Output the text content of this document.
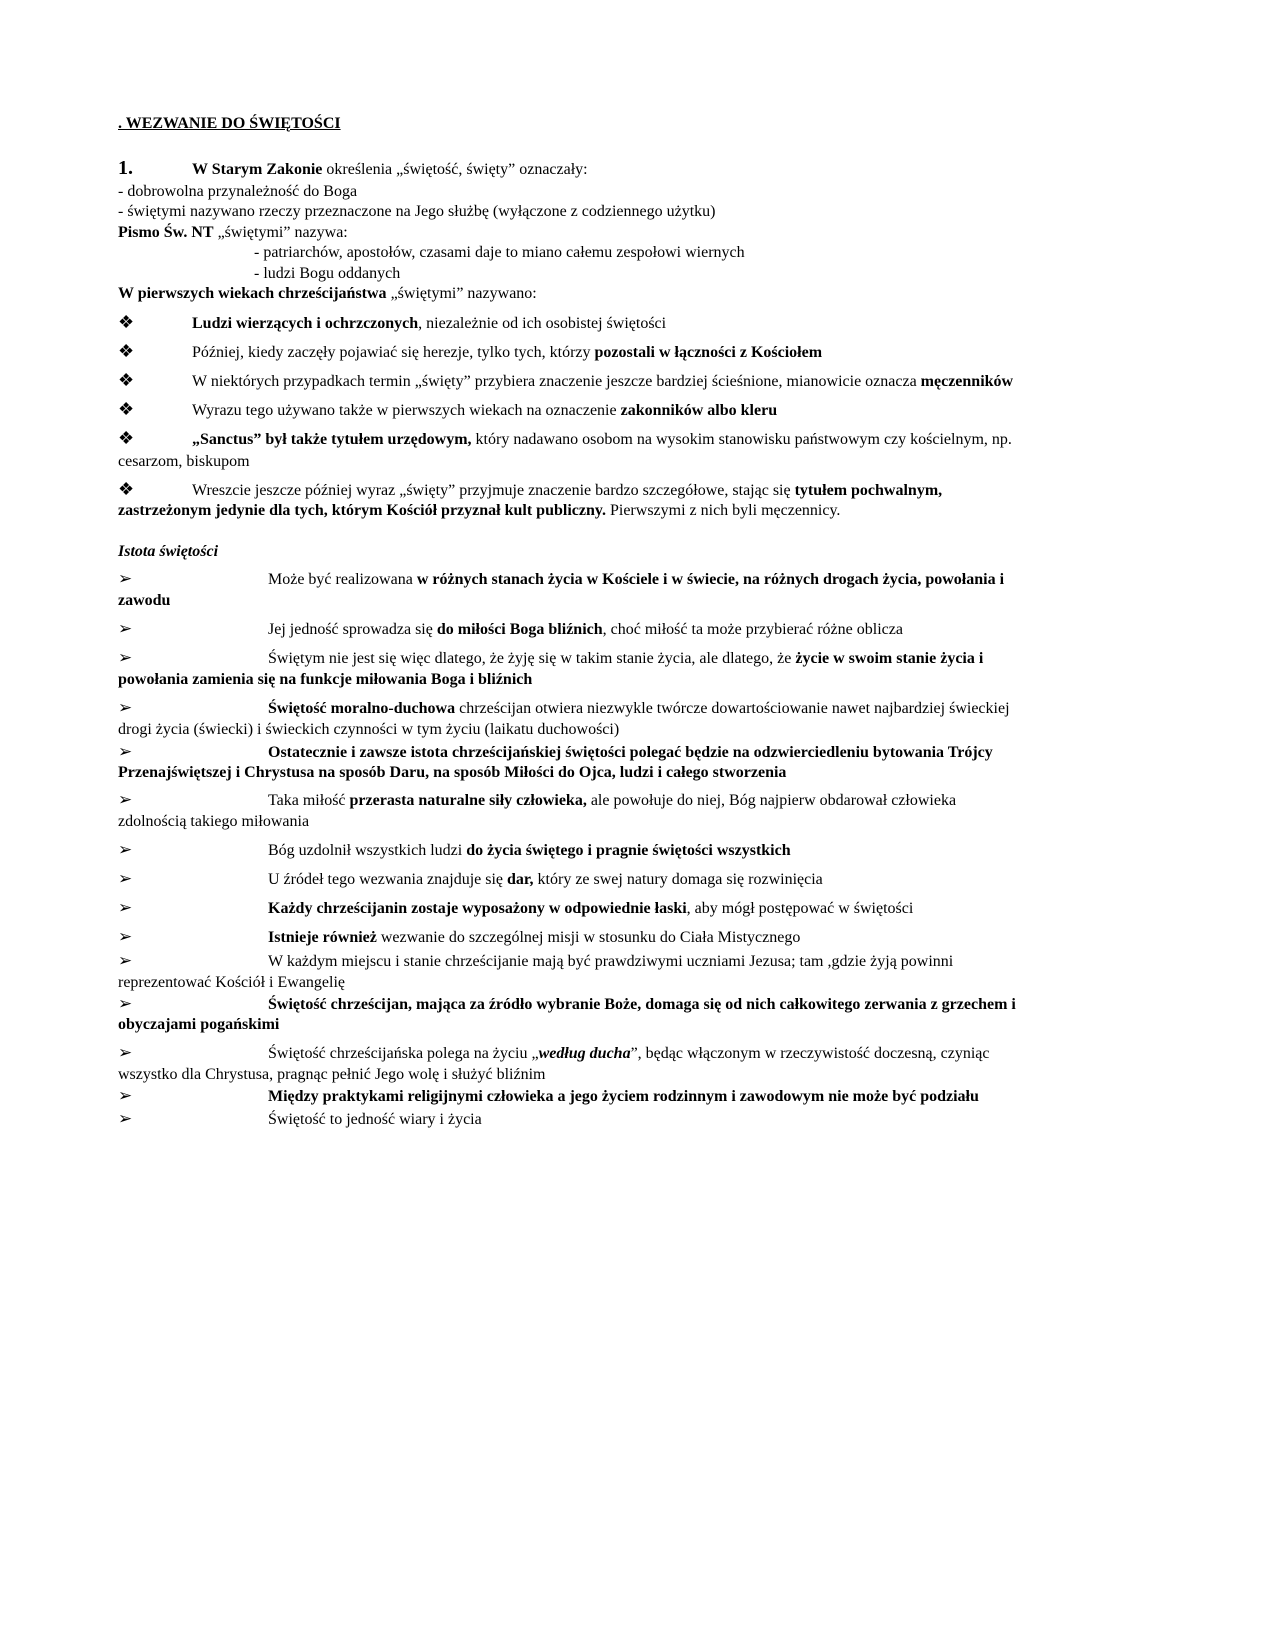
. WEZWANIE DO ŚWIĘTOŚCI
1.	W Starym Zakonie określenia „świętość, święty” oznaczały:
- dobrowolna przynależność do Boga
- świętymi nazywano rzeczy przeznaczone na Jego służbę (wyłączone z codziennego użytku)
Pismo Św. NT „świętymi” nazywa:
- patriarchów, apostołów, czasami daje to miano całemu zespołowi wiernych
- ludzi Bogu oddanych
W pierwszych wiekach chrześcijaństwa „świętymi” nazywano:
❖	Ludzi wierzących i ochrzczonych, niezależnie od ich osobistej świętości
❖	Później, kiedy zaczęły pojawiać się herezje, tylko tych, którzy pozostali w łączności z Kościołem
❖	W niektórych przypadkach termin „święty” przybiera znaczenie jeszcze bardziej ścieśnione, mianowicie oznacza męczenników
❖	Wyrazu tego używano także w pierwszych wiekach na oznaczenie zakonników albo kleru
❖	„Sanctus” był także tytułem urzędowym, który nadawano osobom na wysokim stanowisku państwowym czy kościelnym, np.
cesarzom, biskupom
❖	Wreszcie jeszcze później wyraz „święty” przyjmuje znaczenie bardzo szczegółowe, stając się tytułem pochwalnym,
zastrzeżonym jedynie dla tych, którym Kościół przyznał kult publiczny. Pierwszymi z nich byli męczennicy.
Istota świętości
➢	Może być realizowana w różnych stanach życia w Kościele i w świecie, na różnych drogach życia, powołania i
zawodu
➢	Jej jedność sprowadza się do miłości Boga bliźnich, choć miłość ta może przybierać różne oblicza
➢	Świętym nie jest się więc dlatego, że żyję się w takim stanie życia, ale dlatego, że życie w swoim stanie życia i
powołania zamienia się na funkcje miłowania Boga i bliźnich
➢	Świętość moralno-duchowa chrześcijan otwiera niezwykle twórcze dowartościowanie nawet najbardziej świeckiej
drogi życia (świecki) i świeckich czynności w tym życiu (laikatu duchowości)
➢	Ostatecznie i zawsze istota chrześcijańskiej świętości polegać będzie na odzwierciedleniu bytowania Trójcy
Przenajświętszej i Chrystusa na sposób Daru, na sposób Miłości do Ojca, ludzi i całego stworzenia
➢	Taka miłość przerasta naturalne siły człowieka, ale powołuje do niej, Bóg najpierw obdarował człowieka
zdolnością takiego miłowania
➢	Bóg uzdolnił wszystkich ludzi do życia świętego i pragnie świętości wszystkich
➢	U źródeł tego wezwania znajduje się dar, który ze swej natury domaga się rozwinięcia
➢	Każdy chrześcijanin zostaje wyposażony w odpowiednie łaski, aby mógł postępować w świętości
➢	Istnieje również wezwanie do szczególnej misji w stosunku do Ciała Mistycznego
➢	W każdym miejscu i stanie chrześcijanie mają być prawdziwymi uczniami Jezusa; tam ,gdzie żyją powinni
reprezentować Kościół i Ewangelię
➢	Świętość chrześcijan, mająca za źródło wybranie Boże, domaga się od nich całkowitego zerwania z grzechem i
obyczajami pogańskimi
➢	Świętość chrześcijańska polega na życiu „według ducha”, będąc włączonym w rzeczywistość doczesną, czyniąc
wszystko dla Chrystusa, pragnąc pełnić Jego wolę i służyć bliźnim
➢	Między praktykami religijnymi człowieka a jego życiem rodzinnym i zawodowym nie może być podziału
➢	Świętość to jedność wiary i życia
